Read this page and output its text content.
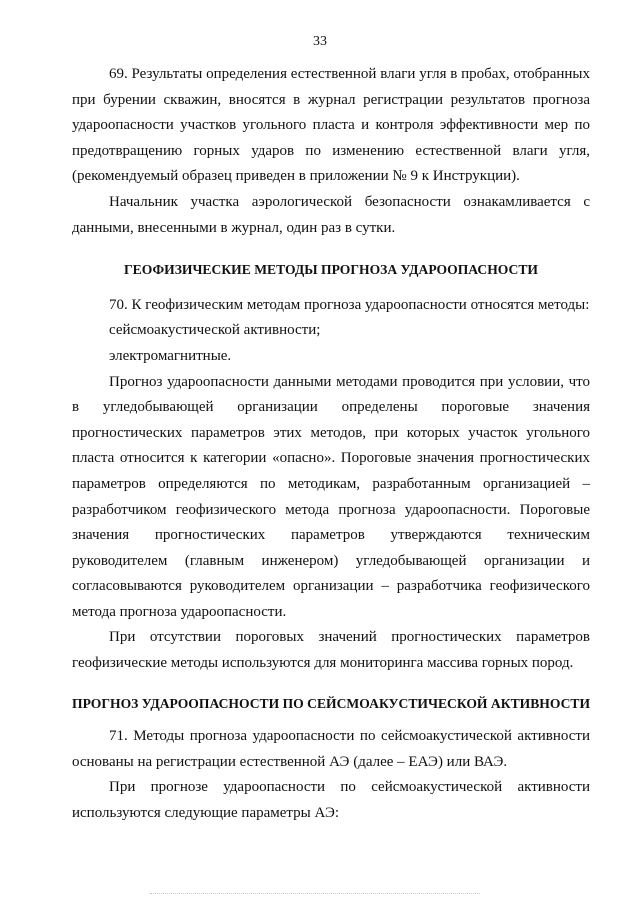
33

69. Результаты определения естественной влаги угля в пробах, отобранных при бурении скважин, вносятся в журнал регистрации результатов прогноза удароопасности участков угольного пласта и контроля эффективности мер по предотвращению горных ударов по изменению естественной влаги угля, (рекомендуемый образец приведен в приложении № 9 к Инструкции).

Начальник участка аэрологической безопасности ознакамливается с данными, внесенными в журнал, один раз в сутки.

ГЕОФИЗИЧЕСКИЕ МЕТОДЫ ПРОГНОЗА УДАРООПАСНОСТИ

70. К геофизическим методам прогноза удароопасности относятся методы:

сейсмоакустической активности;

электромагнитные.

Прогноз удароопасности данными методами проводится при условии, что в угледобывающей организации определены пороговые значения прогностических параметров этих методов, при которых участок угольного пласта относится к категории «опасно». Пороговые значения прогностических параметров определяются по методикам, разработанным организацией – разработчиком геофизического метода прогноза удароопасности. Пороговые значения прогностических параметров утверждаются техническим руководителем (главным инженером) угледобывающей организации и согласовываются руководителем организации – разработчика геофизического метода прогноза удароопасности.

При отсутствии пороговых значений прогностических параметров геофизические методы используются для мониторинга массива горных пород.

ПРОГНОЗ УДАРООПАСНОСТИ ПО СЕЙСМОАКУСТИЧЕСКОЙ АКТИВНОСТИ

71. Методы прогноза удароопасности по сейсмоакустической активности основаны на регистрации естественной АЭ (далее – ЕАЭ) или ВАЭ.

При прогнозе удароопасности по сейсмоакустической активности используются следующие параметры АЭ:
